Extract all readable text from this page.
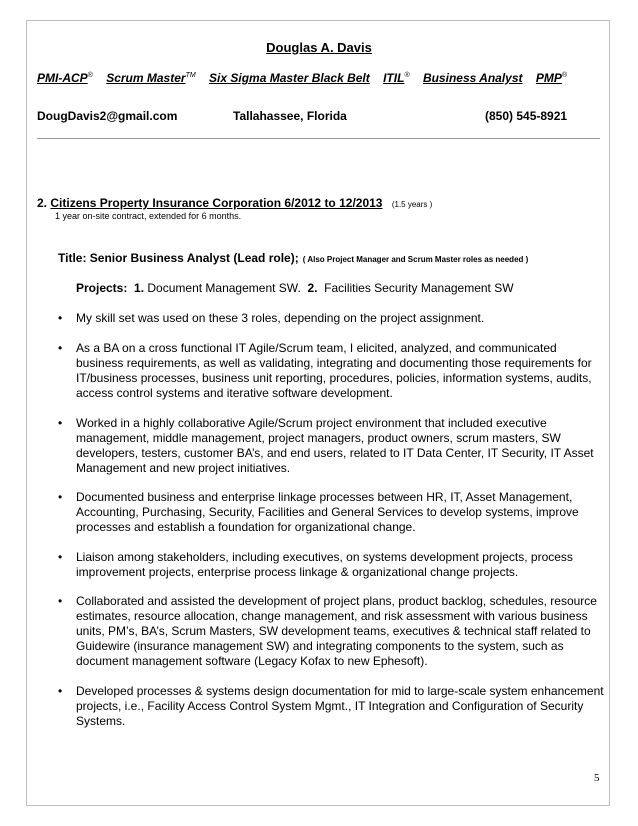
Douglas A. Davis
PMI-ACP® Scrum Master™ Six Sigma Master Black Belt ITIL® Business Analyst PMP®
DougDavis2@gmail.com	Tallahassee, Florida	(850) 545-8921
2. Citizens Property Insurance Corporation 6/2012 to 12/2013 (1.5 years )
1 year on-site contract, extended for 6 months.
Title: Senior Business Analyst (Lead role); ( Also Project Manager and Scrum Master roles as needed )
Projects: 1. Document Management SW. 2. Facilities Security Management SW
• My skill set was used on these 3 roles, depending on the project assignment.
• As a BA on a cross functional IT Agile/Scrum team, I elicited, analyzed, and communicated business requirements, as well as validating, integrating and documenting those requirements for IT/business processes, business unit reporting, procedures, policies, information systems, audits, access control systems and iterative software development.
• Worked in a highly collaborative Agile/Scrum project environment that included executive management, middle management, project managers, product owners, scrum masters, SW developers, testers, customer BA’s, and end users, related to IT Data Center, IT Security, IT Asset Management and new project initiatives.
• Documented business and enterprise linkage processes between HR, IT, Asset Management, Accounting, Purchasing, Security, Facilities and General Services to develop systems, improve processes and establish a foundation for organizational change.
• Liaison among stakeholders, including executives, on systems development projects, process improvement projects, enterprise process linkage & organizational change projects.
• Collaborated and assisted the development of project plans, product backlog, schedules, resource estimates, resource allocation, change management, and risk assessment with various business units, PM’s, BA’s, Scrum Masters, SW development teams, executives & technical staff related to Guidewire (insurance management SW) and integrating components to the system, such as document management software (Legacy Kofax to new Ephesoft).
• Developed processes & systems design documentation for mid to large-scale system enhancement projects, i.e., Facility Access Control System Mgmt., IT Integration and Configuration of Security Systems.
5
